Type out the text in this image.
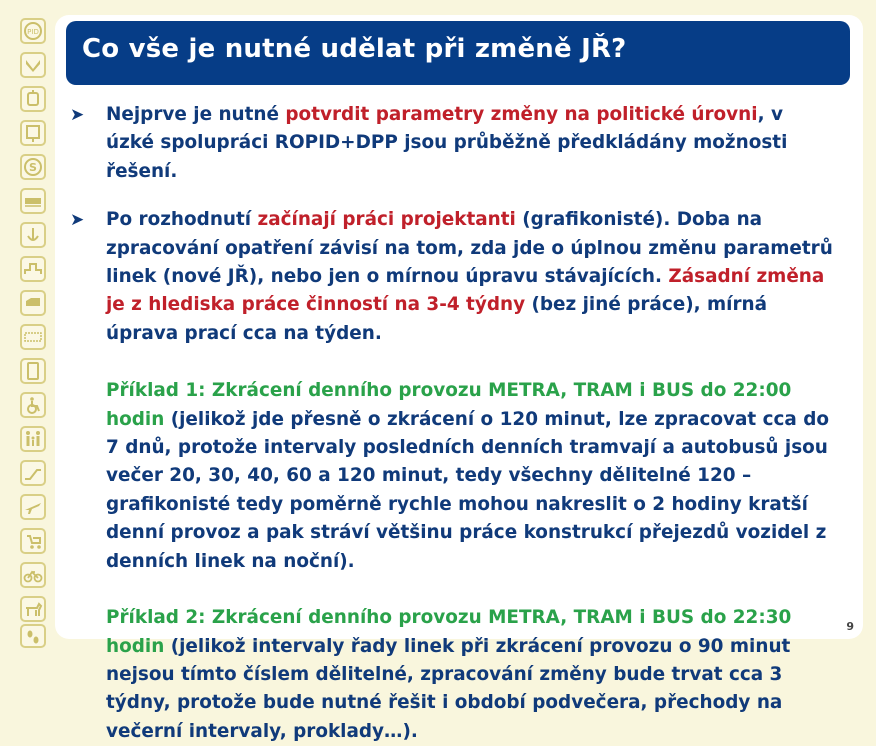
PID
S
Co vše je nutné udělat při změně JŘ?
➤ Nejprve je nutné potvrdit parametry změny na politické úrovni, v úzké spolupráci ROPID+DPP jsou průběžně předkládány možnosti řešení.
➤ Po rozhodnutí začínají práci projektanti (grafikonisté). Doba na zpracování opatření závisí na tom, zda jde o úplnou změnu parametrů linek (nové JŘ), nebo jen o mírnou úpravu stávajících. Zásadní změna je z hlediska práce činností na 3-4 týdny (bez jiné práce), mírná úprava prací cca na týden.
Příklad 1: Zkrácení denního provozu METRA, TRAM i BUS do 22:00 hodin (jelikož jde přesně o zkrácení o 120 minut, lze zpracovat cca do 7 dnů, protože intervaly posledních denních tramvají a autobusů jsou večer 20, 30, 40, 60 a 120 minut, tedy všechny dělitelné 120 – grafikonisté tedy poměrně rychle mohou nakreslit o 2 hodiny kratší denní provoz a pak stráví většinu práce konstrukcí přejezdů vozidel z denních linek na noční).
Příklad 2: Zkrácení denního provozu METRA, TRAM i BUS do 22:30 hodin (jelikož intervaly řady linek při zkrácení provozu o 90 minut nejsou tímto číslem dělitelné, zpracování změny bude trvat cca 3 týdny, protože bude nutné řešit i období podvečera, přechody na večerní intervaly, proklady…).
9
